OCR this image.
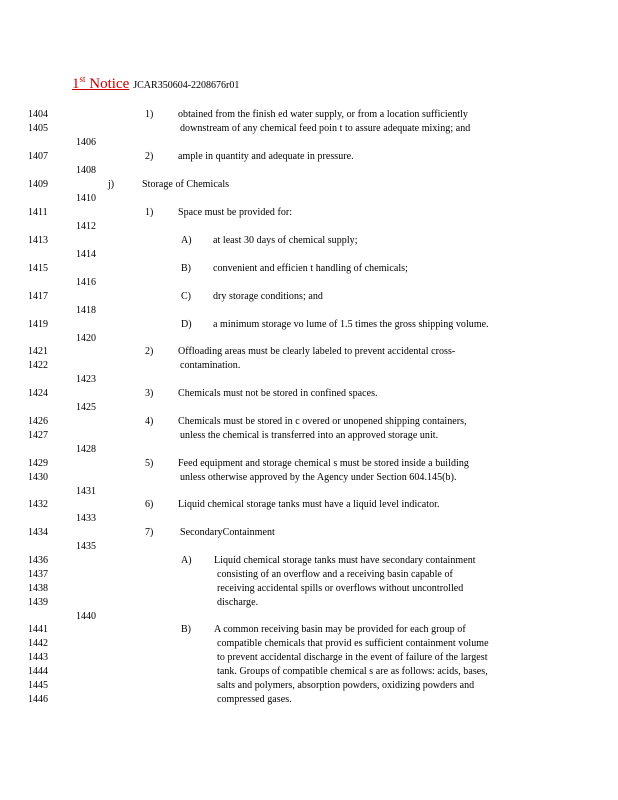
1st Notice JCAR350604-2208676r01
1404
1405
1406
1407
1408
1409
1410
1411
1412
1413
1414
1415
1416
1417
1418
1419
1420
1421
1422
1423
1424
1425
1426
1427
1428
1429
1430
1431
1432
1433
1434
1435
1436
1437
1438
1439
1440
1441
1442
1443
1444
1445
1446
1) obtained from the finish ed water supply, or from a location sufficiently
downstream of any chemical feed poin t to assure adequate mixing; and
2) ample in quantity and adequate in pressure.
j)	Storage of Chemicals
1) Space must be provided for:
A) at least 30 days of chemical supply;
B) convenient and efficien t handling of chemicals;
C) dry storage conditions; and
D) a minimum storage vo lume of 1.5 times the gross shipping volume.
2) Offloading areas must be clearly labeled to prevent accidental cross-
contamination.
3) Chemicals must not be stored in confined spaces.
4) Chemicals must be stored in c overed or unopened shipping containers,
unless the chemical is transferred into an approved storage unit.
5) Feed equipment and storage chemical s must be stored inside a building
unless otherwise approved by the Agency under Section 604.145(b).
6) Liquid chemical storage tanks must have a liquid level indicator.
7)	SecondaryContainment
A) Liquid chemical storage tanks must have secondary containment
consisting of an overflow and a receiving basin capable of
receiving accidental spills or overflows without uncontrolled
discharge.
B) A common receiving basin may be provided for each group of
compatible chemicals that provid es sufficient containment volume
to prevent accidental discharge in the event of failure of the largest
tank. Groups of compatible chemical s are as follows: acids, bases,
salts and polymers, absorption powders, oxidizing powders and
compressed gases.
